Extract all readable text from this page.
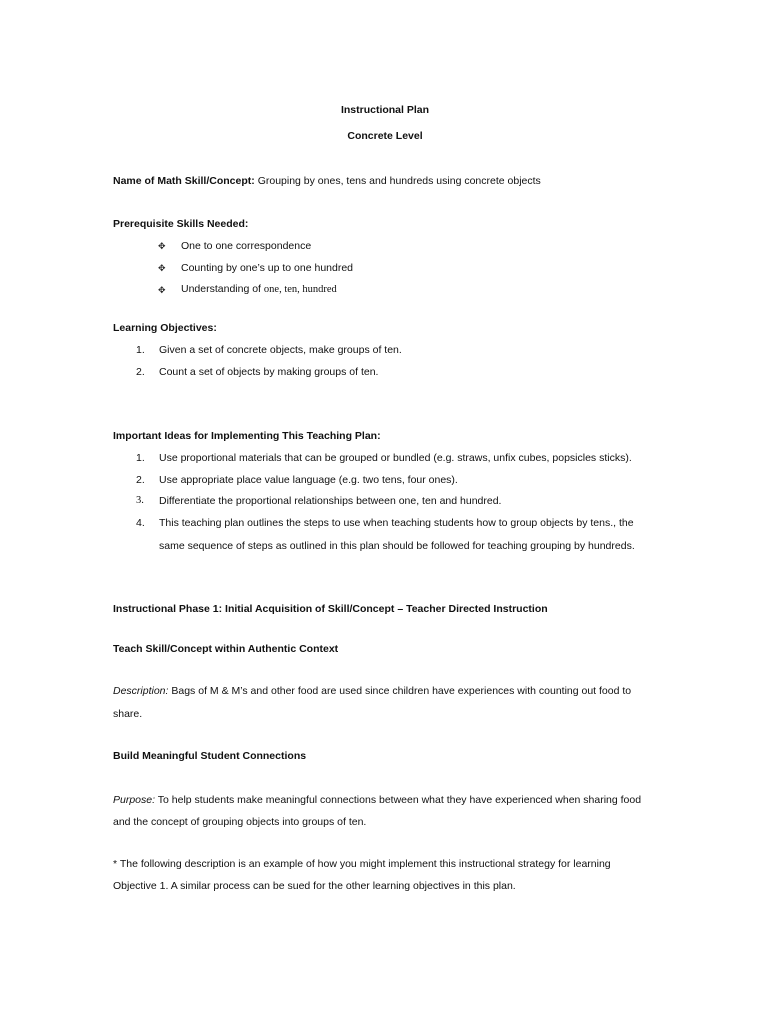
Instructional Plan
Concrete Level
Name of Math Skill/Concept: Grouping by ones, tens and hundreds using concrete objects
Prerequisite Skills Needed:
✥ One to one correspondence
✥ Counting by one’s up to one hundred
✥ Understanding of one, ten, hundred
Learning Objectives:
1. Given a set of concrete objects, make groups of ten.
2. Count a set of objects by making groups of ten.
Important Ideas for Implementing This Teaching Plan:
1. Use proportional materials that can be grouped or bundled (e.g. straws, unfix cubes, popsicles sticks).
2. Use appropriate place value language (e.g. two tens, four ones).
3. Differentiate the proportional relationships between one, ten and hundred.
4. This teaching plan outlines the steps to use when teaching students how to group objects by tens., the
same sequence of steps as outlined in this plan should be followed for teaching grouping by hundreds.
Instructional Phase 1: Initial Acquisition of Skill/Concept – Teacher Directed Instruction
Teach Skill/Concept within Authentic Context
Description: Bags of M & M’s and other food are used since children have experiences with counting out food to
share.
Build Meaningful Student Connections
Purpose: To help students make meaningful connections between what they have experienced when sharing food
and the concept of grouping objects into groups of ten.
* The following description is an example of how you might implement this instructional strategy for learning
Objective 1. A similar process can be sued for the other learning objectives in this plan.
